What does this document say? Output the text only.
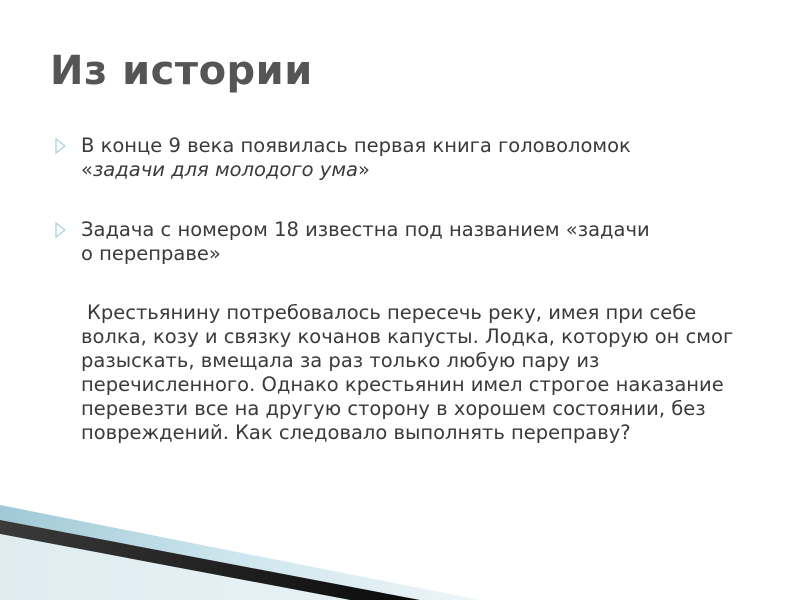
Из истории

В конце 9 века появилась первая книга головоломок
«задачи для молодого ума»

Задача с номером 18 известна под названием «задачи
о переправе»

Крестьянину потребовалось пересечь реку, имея при себе волка, козу и связку кочанов капусты. Лодка, которую он смог разыскать, вмещала за раз только любую пару из перечисленного. Однако крестьянин имел строгое наказание перевезти все на другую сторону в хорошем состоянии, без повреждений. Как следовало выполнять переправу?
